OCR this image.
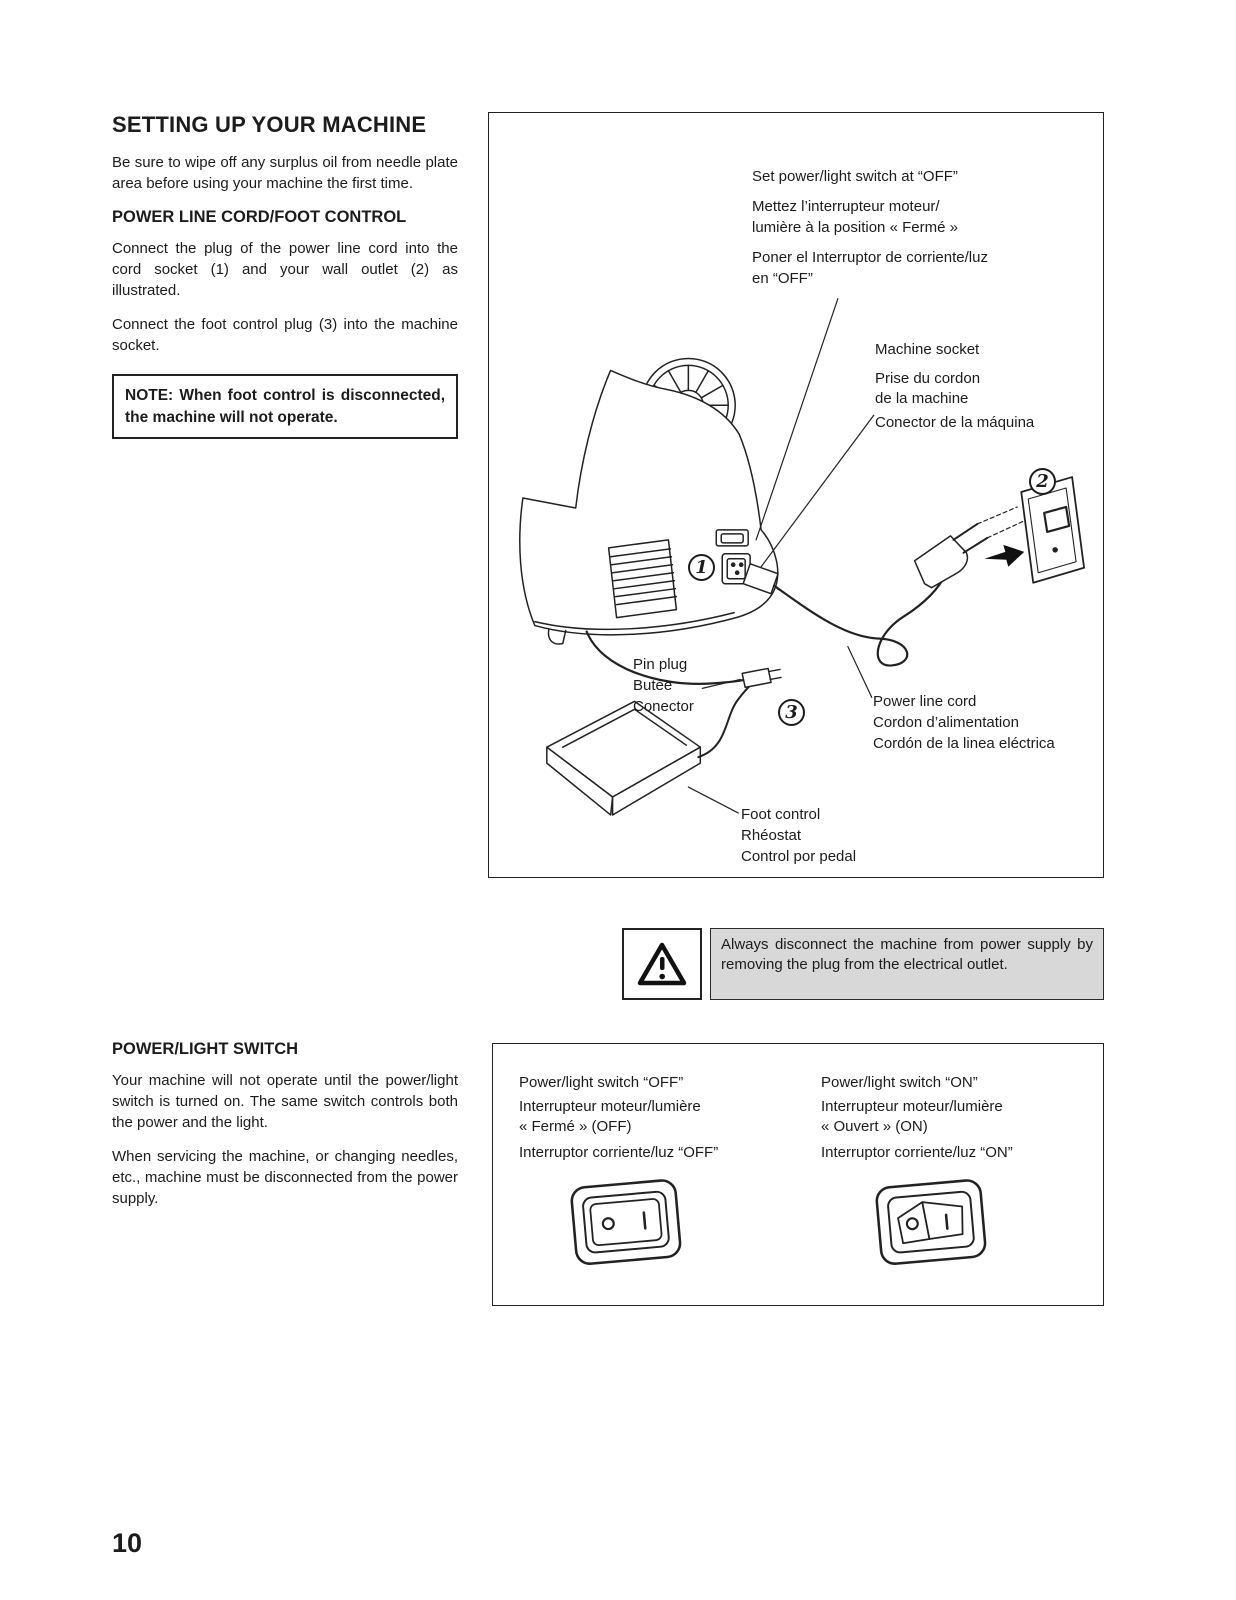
SETTING UP YOUR MACHINE

Be sure to wipe off any surplus oil from needle plate area before using your machine the first time.

POWER LINE CORD/FOOT CONTROL

Connect the plug of the power line cord into the cord socket (1) and your wall outlet (2) as illustrated.

Connect the foot control plug (3) into the machine socket.

NOTE: When foot control is disconnected, the machine will not operate.
1
2
3
Set power/light switch at “OFF”
Mettez l’interrupteur moteur/
lumière à la position « Fermé »
Poner el Interruptor de corriente/luz
en “OFF”
Machine socket
Prise du cordon
de la machine
Conector de la máquina
Pin plug
Butée
Conector	Power line cord
Cordon d’alimentation
Cordón de la linea eléctrica
Foot control
Rhéostat
Control por pedal
Always disconnect the machine from power supply by removing the plug from the electrical outlet.
POWER/LIGHT SWITCH

Your machine will not operate until the power/light switch is turned on. The same switch controls both the power and the light.

When servicing the machine, or changing needles, etc., machine must be disconnected from the power supply.

Power/light switch “OFF”
Interrupteur moteur/lumière
« Fermé » (OFF)
Interruptor corriente/luz “OFF”
Power/light switch “ON”
Interrupteur moteur/lumière
« Ouvert » (ON)
Interruptor corriente/luz “ON”
10
